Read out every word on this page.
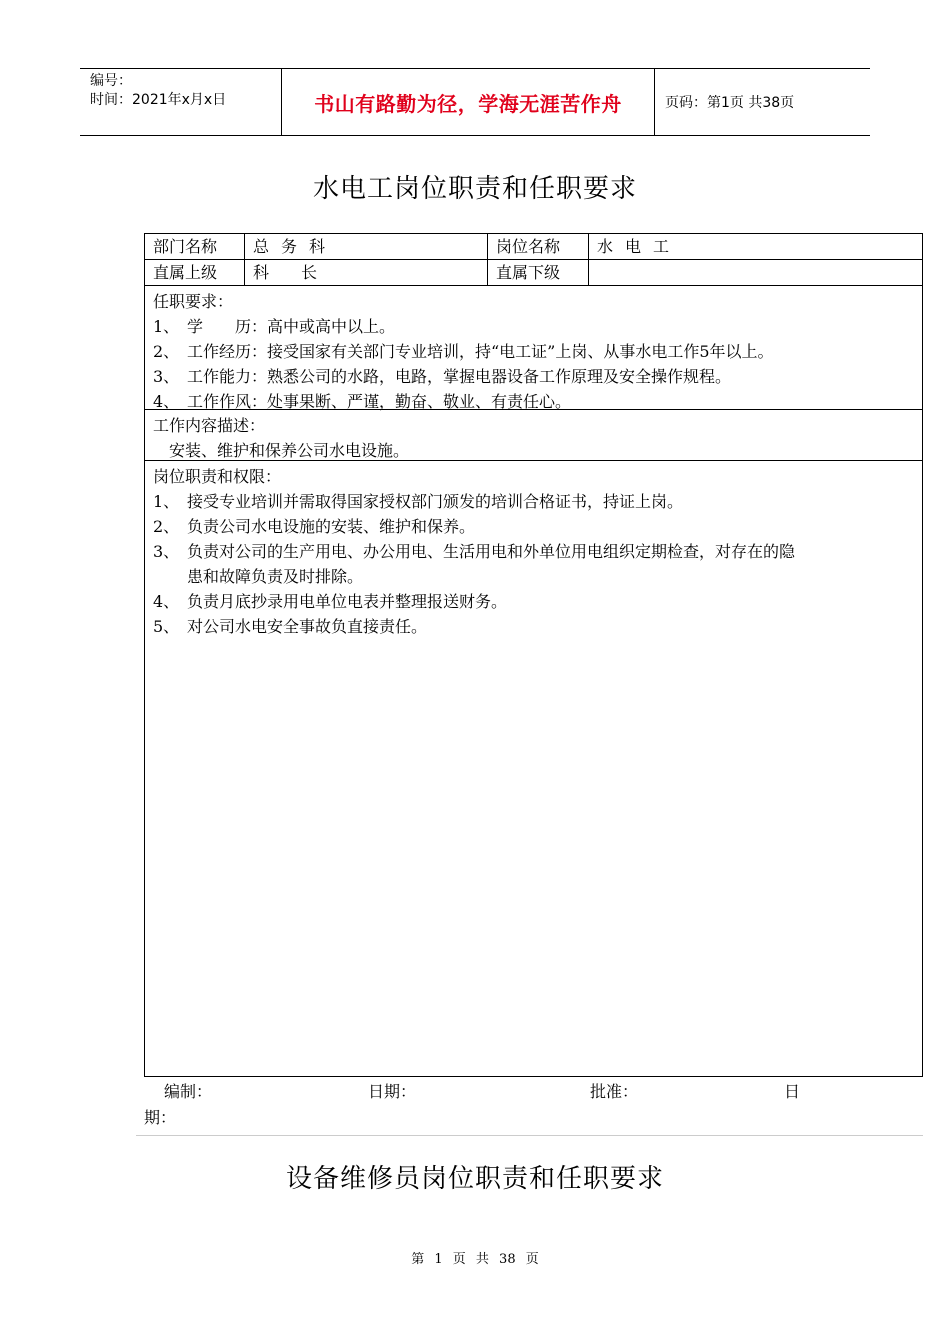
编号：
时间：2021年x月x日	书山有路勤为径，学海无涯苦作舟	页码：第1页 共38页
水电工岗位职责和任职要求
部门名称	总务科	岗位名称	水电工
直属上级	科　　长	直属下级
任职要求：
1、 学　　历：高中或高中以上。
2、 工作经历：接受国家有关部门专业培训，持“电工证”上岗、从事水电工作5年以上。
3、 工作能力：熟悉公司的水路，电路，掌握电器设备工作原理及安全操作规程。
4、 工作作风：处事果断、严谨，勤奋、敬业、有责任心。
工作内容描述：
安装、维护和保养公司水电设施。
岗位职责和权限：
1、 接受专业培训并需取得国家授权部门颁发的培训合格证书，持证上岗。
2、 负责公司水电设施的安装、维护和保养。
3、 负责对公司的生产用电、办公用电、生活用电和外单位用电组织定期检查，对存在的隐
患和故障负责及时排除。
4、 负责月底抄录用电单位电表并整理报送财务。
5、 对公司水电安全事故负直接责任。
编制：	日期：	批准：	日
期：
设备维修员岗位职责和任职要求
第 1 页 共 38 页
